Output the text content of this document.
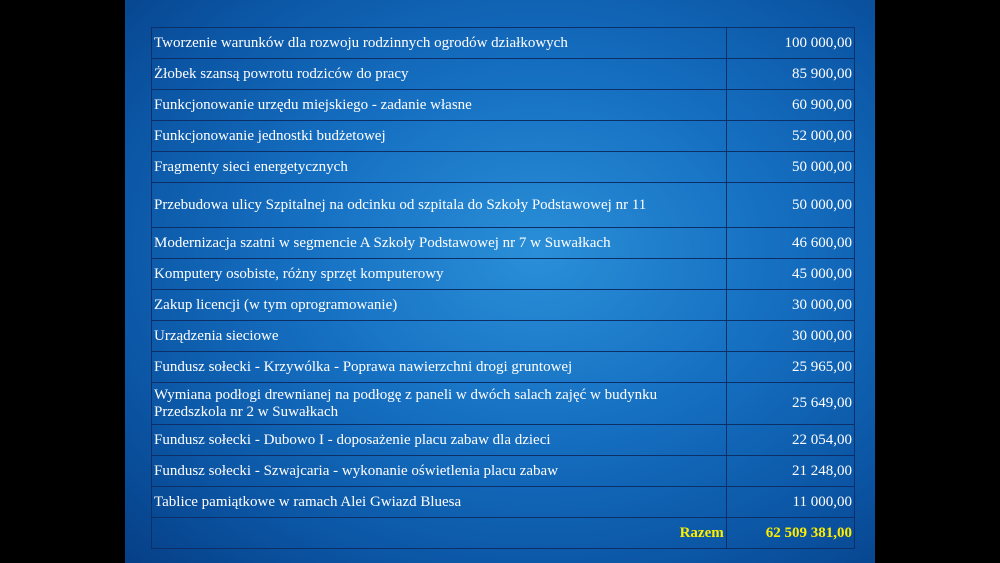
Tworzenie warunków dla rozwoju rodzinnych ogrodów działkowych	100 000,00
Żłobek szansą powrotu rodziców do pracy	85 900,00
Funkcjonowanie urzędu miejskiego - zadanie własne	60 900,00
Funkcjonowanie jednostki budżetowej	52 000,00
Fragmenty sieci energetycznych	50 000,00
Przebudowa ulicy Szpitalnej na odcinku od szpitala do Szkoły Podstawowej nr 11	50 000,00
Modernizacja szatni w segmencie A Szkoły Podstawowej nr 7 w Suwałkach	46 600,00
Komputery osobiste, różny sprzęt komputerowy	45 000,00
Zakup licencji (w tym oprogramowanie)	30 000,00
Urządzenia sieciowe	30 000,00
Fundusz sołecki - Krzywólka - Poprawa nawierzchni drogi gruntowej	25 965,00
Wymiana podłogi drewnianej na podłogę z paneli w dwóch salach zajęć w budynku Przedszkola nr 2 w Suwałkach	25 649,00
Fundusz sołecki - Dubowo I - doposażenie placu zabaw dla dzieci	22 054,00
Fundusz sołecki - Szwajcaria - wykonanie oświetlenia placu zabaw	21 248,00
Tablice pamiątkowe w ramach Alei Gwiazd Bluesa	11 000,00
Razem	62 509 381,00
